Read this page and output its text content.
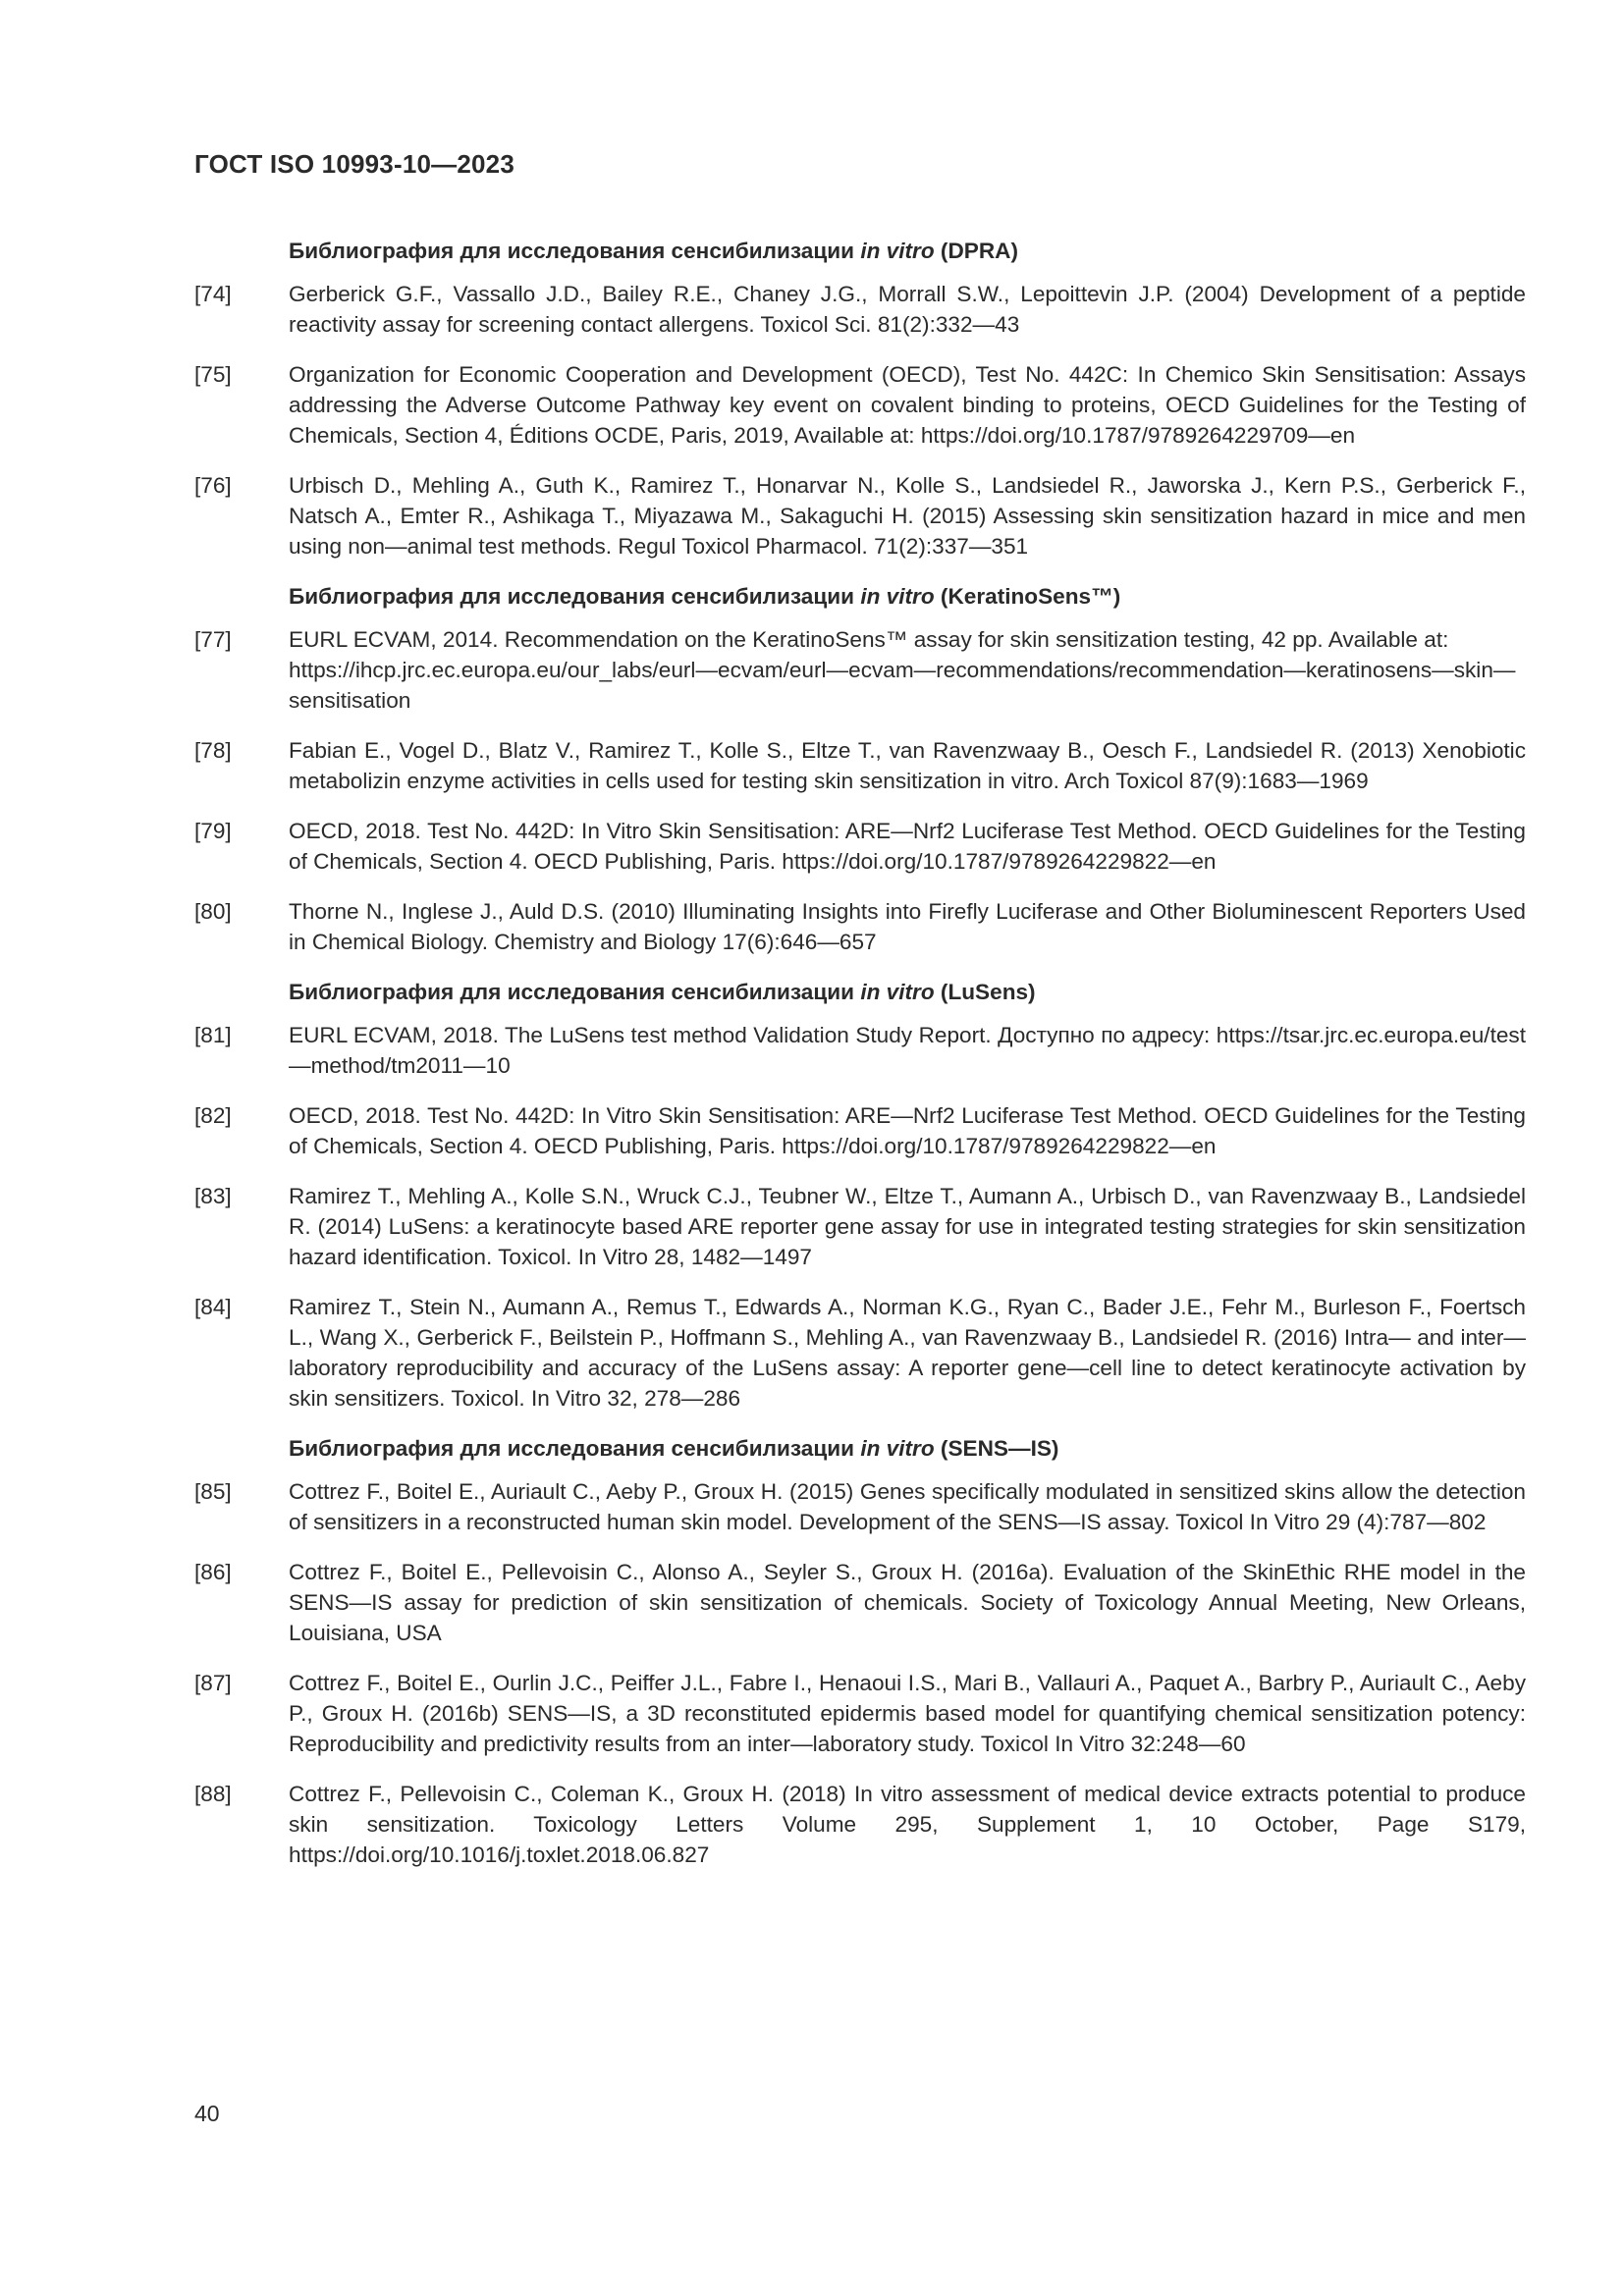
ГОСТ ISO 10993-10—2023
Библиография для исследования сенсибилизации in vitro (DPRA)
[74]	Gerberick G.F., Vassallo J.D., Bailey R.E., Chaney J.G., Morrall S.W., Lepoittevin J.P. (2004) Development of a peptide reactivity assay for screening contact allergens. Toxicol Sci. 81(2):332—43
[75]	Organization for Economic Cooperation and Development (OECD), Test No. 442C: In Chemico Skin Sensitisation: Assays addressing the Adverse Outcome Pathway key event on covalent binding to proteins, OECD Guidelines for the Testing of Chemicals, Section 4, Éditions OCDE, Paris, 2019, Available at: https://doi.org/10.1787/9789264229709—en
[76]	Urbisch D., Mehling A., Guth K., Ramirez T., Honarvar N., Kolle S., Landsiedel R., Jaworska J., Kern P.S., Gerberick F., Natsch A., Emter R., Ashikaga T., Miyazawa M., Sakaguchi H. (2015) Assessing skin sensitization hazard in mice and men using non—animal test methods. Regul Toxicol Pharmacol. 71(2):337—351
Библиография для исследования сенсибилизации in vitro (KeratinoSens™)
[77]	EURL ECVAM, 2014. Recommendation on the KeratinoSens™ assay for skin sensitization testing, 42 pp. Available at: https://ihcp.jrc.ec.europa.eu/our_labs/eurl—ecvam/eurl—ecvam—recommendations/recommendation—keratinosens—skin—sensitisation
[78]	Fabian E., Vogel D., Blatz V., Ramirez T., Kolle S., Eltze T., van Ravenzwaay B., Oesch F., Landsiedel R. (2013) Xenobiotic metabolizin enzyme activities in cells used for testing skin sensitization in vitro. Arch Toxicol 87(9):1683—1969
[79]	OECD, 2018. Test No. 442D: In Vitro Skin Sensitisation: ARE—Nrf2 Luciferase Test Method. OECD Guidelines for the Testing of Chemicals, Section 4. OECD Publishing, Paris. https://doi.org/10.1787/9789264229822—en
[80]	Thorne N., Inglese J., Auld D.S. (2010) Illuminating Insights into Firefly Luciferase and Other Bioluminescent Reporters Used in Chemical Biology. Chemistry and Biology 17(6):646—657
Библиография для исследования сенсибилизации in vitro (LuSens)
[81]	EURL ECVAM, 2018. The LuSens test method Validation Study Report. Доступно по адресу: https://tsar.jrc.ec.europa.eu/test—method/tm2011—10
[82]	OECD, 2018. Test No. 442D: In Vitro Skin Sensitisation: ARE—Nrf2 Luciferase Test Method. OECD Guidelines for the Testing of Chemicals, Section 4. OECD Publishing, Paris. https://doi.org/10.1787/9789264229822—en
[83]	Ramirez T., Mehling A., Kolle S.N., Wruck C.J., Teubner W., Eltze T., Aumann A., Urbisch D., van Ravenzwaay B., Landsiedel R. (2014) LuSens: a keratinocyte based ARE reporter gene assay for use in integrated testing strategies for skin sensitization hazard identification. Toxicol. In Vitro 28, 1482—1497
[84]	Ramirez T., Stein N., Aumann A., Remus T., Edwards A., Norman K.G., Ryan C., Bader J.E., Fehr M., Burleson F., Foertsch L., Wang X., Gerberick F., Beilstein P., Hoffmann S., Mehling A., van Ravenzwaay B., Landsiedel R. (2016) Intra— and inter—laboratory reproducibility and accuracy of the LuSens assay: A reporter gene—cell line to detect keratinocyte activation by skin sensitizers. Toxicol. In Vitro 32, 278—286
Библиография для исследования сенсибилизации in vitro (SENS—IS)
[85]	Cottrez F., Boitel E., Auriault C., Aeby P., Groux H. (2015) Genes specifically modulated in sensitized skins allow the detection of sensitizers in a reconstructed human skin model. Development of the SENS—IS assay. Toxicol In Vitro 29 (4):787—802
[86]	Cottrez F., Boitel E., Pellevoisin C., Alonso A., Seyler S., Groux H. (2016a). Evaluation of the SkinEthic RHE model in the SENS—IS assay for prediction of skin sensitization of chemicals. Society of Toxicology Annual Meeting, New Orleans, Louisiana, USA
[87]	Cottrez F., Boitel E., Ourlin J.C., Peiffer J.L., Fabre I., Henaoui I.S., Mari B., Vallauri A., Paquet A., Barbry P., Auriault C., Aeby P., Groux H. (2016b) SENS—IS, a 3D reconstituted epidermis based model for quantifying chemical sensitization potency: Reproducibility and predictivity results from an inter—laboratory study. Toxicol In Vitro 32:248—60
[88]	Cottrez F., Pellevoisin C., Coleman K., Groux H. (2018) In vitro assessment of medical device extracts potential to produce skin sensitization. Toxicology Letters Volume 295, Supplement 1, 10 October, Page S179, https://doi.org/10.1016/j.toxlet.2018.06.827
40
